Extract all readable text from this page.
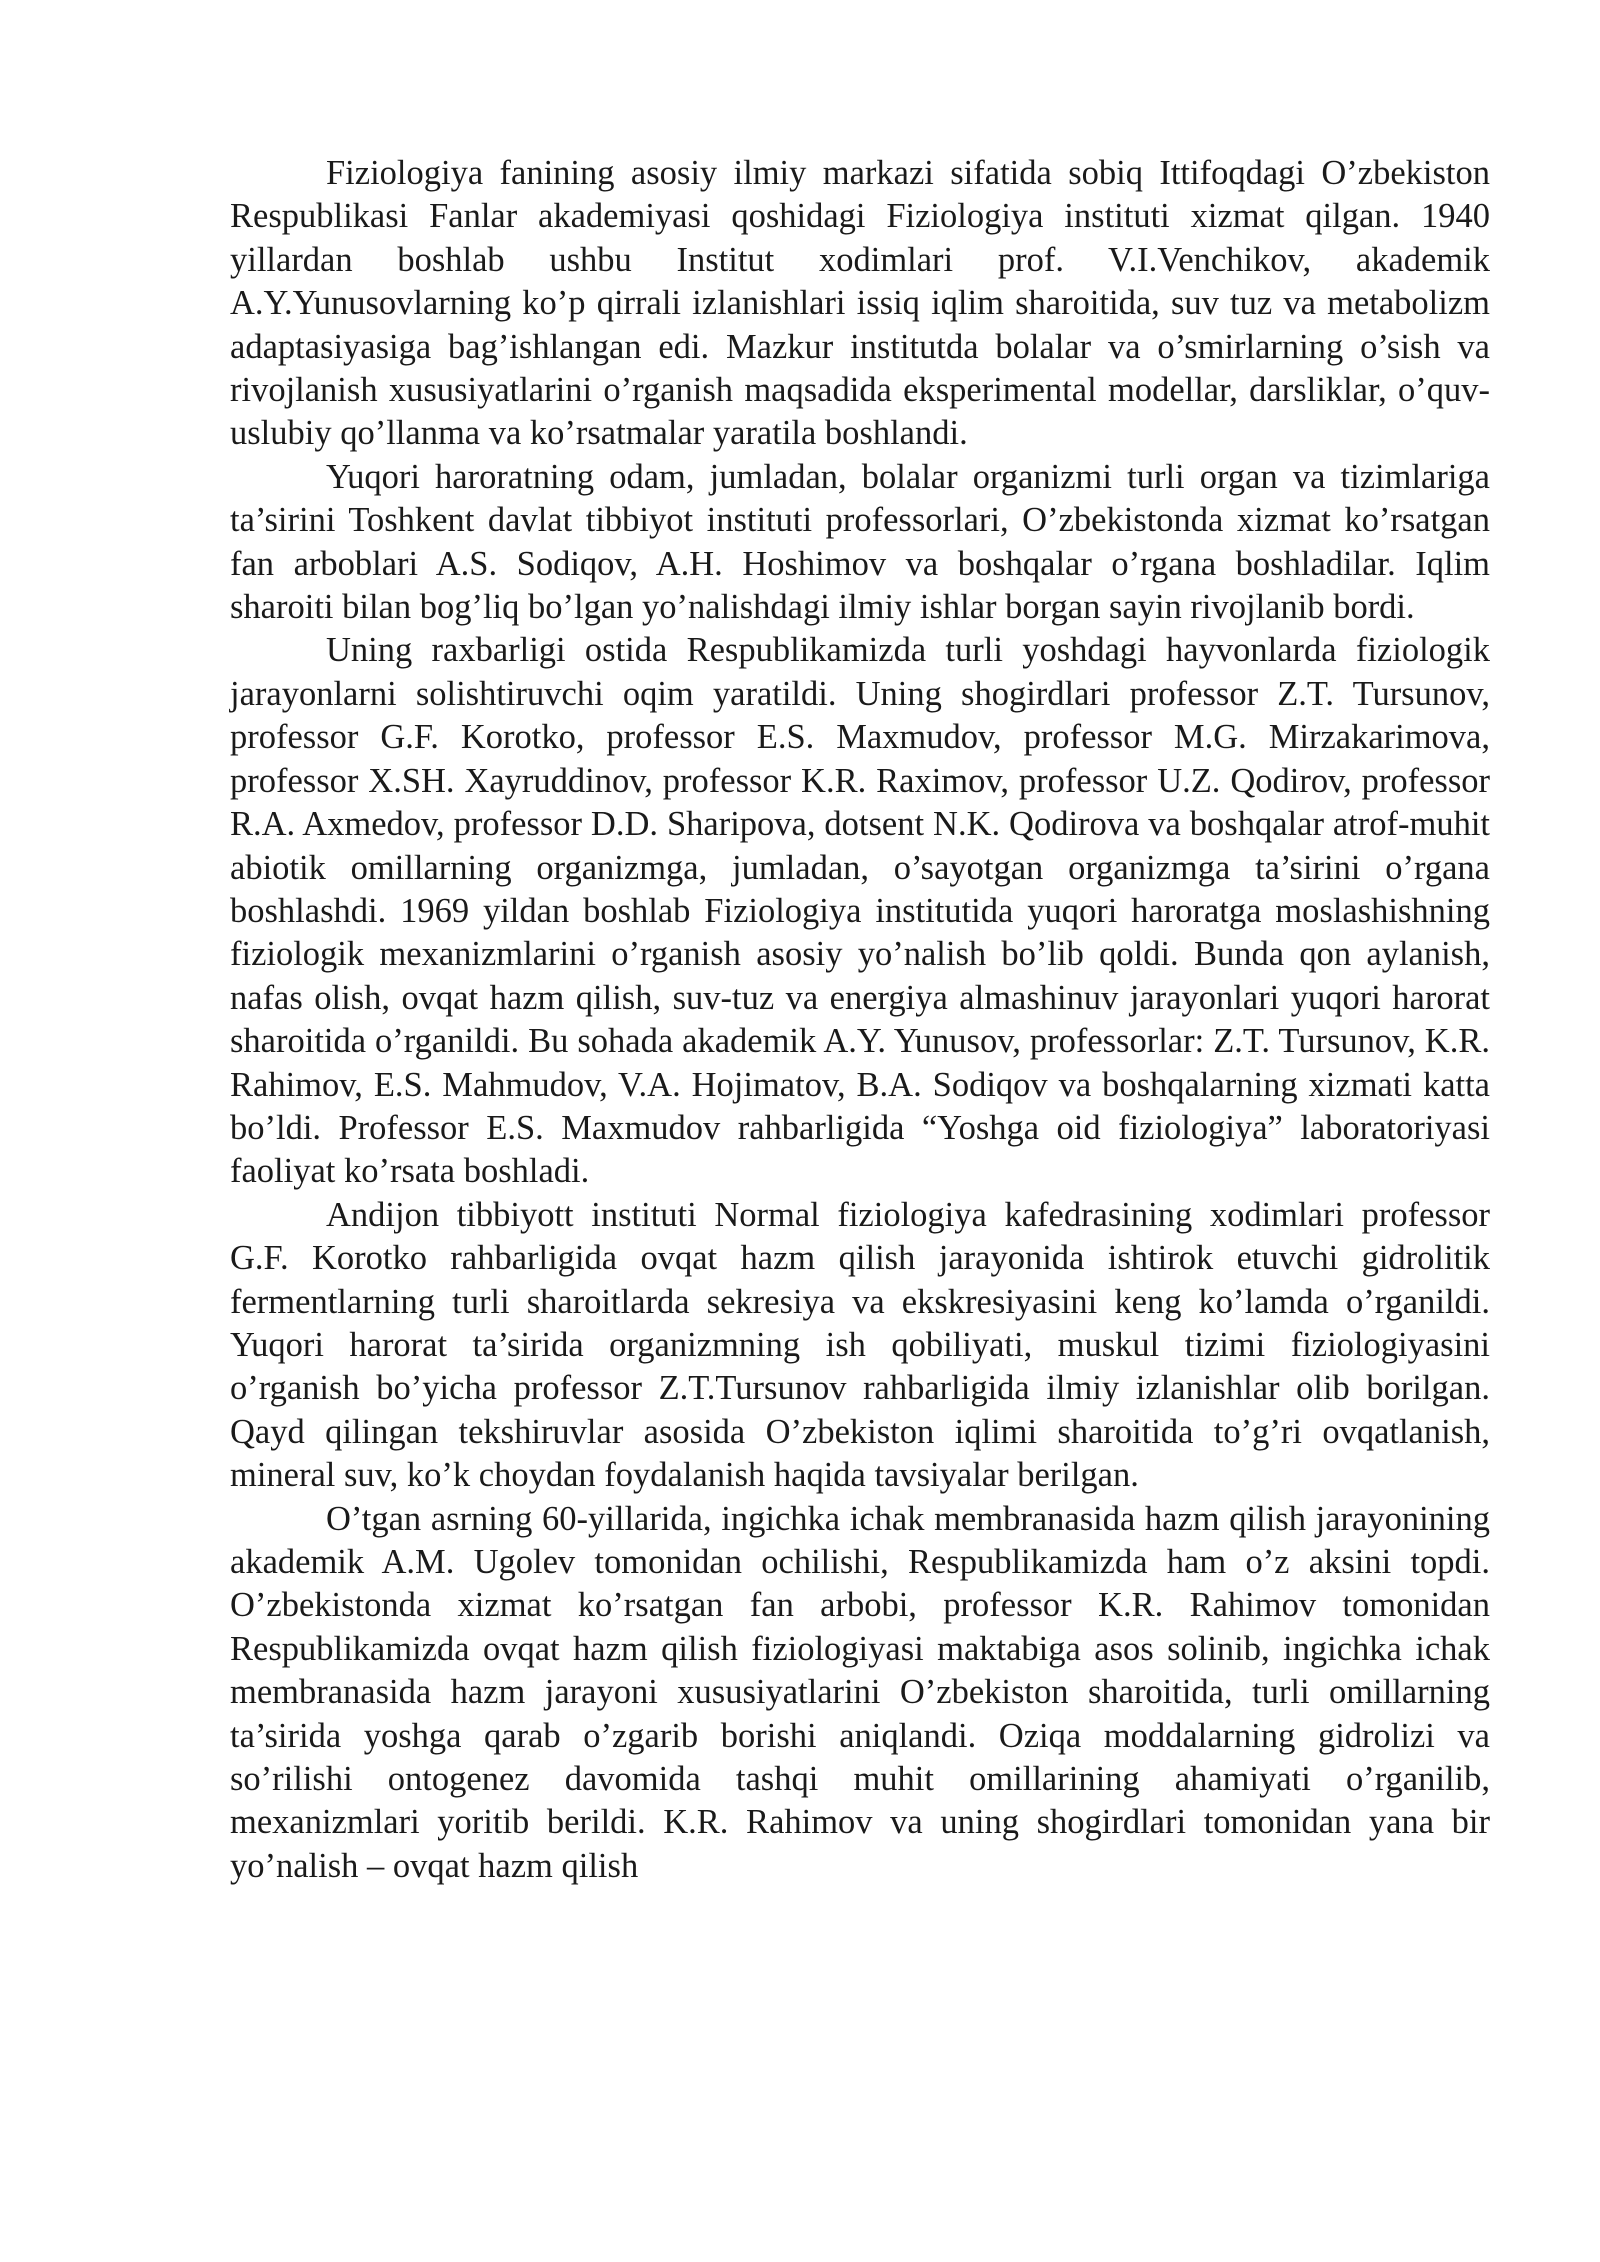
Fiziologiya fanining asosiy ilmiy markazi sifatida sobiq Ittifoqdagi O’zbekiston Respublikasi Fanlar akademiyasi qoshidagi Fiziologiya instituti xizmat qilgan. 1940 yillardan boshlab ushbu Institut xodimlari prof. V.I.Venchikov, akademik A.Y.Yunusovlarning ko’p qirrali izlanishlari issiq iqlim sharoitida, suv tuz va metabolizm adaptasiyasiga bag’ishlangan edi. Mazkur institutda bolalar va o’smirlarning o’sish va rivojlanish xususiyatlarini o’rganish maqsadida eksperimental modellar, darsliklar, o’quv-uslubiy qo’llanma va ko’rsatmalar yaratila boshlandi.

Yuqori haroratning odam, jumladan, bolalar organizmi turli organ va tizimlariga ta’sirini Toshkent davlat tibbiyot instituti professorlari, O’zbekistonda xizmat ko’rsatgan fan arboblari A.S. Sodiqov, A.H. Hoshimov va boshqalar o’rgana boshladilar. Iqlim sharoiti bilan bog’liq bo’lgan yo’nalishdagi ilmiy ishlar borgan sayin rivojlanib bordi.

Uning raxbarligi ostida Respublikamizda turli yoshdagi hayvonlarda fiziologik jarayonlarni solishtiruvchi oqim yaratildi. Uning shogirdlari professor Z.T. Tursunov, professor G.F. Korotko, professor E.S. Maxmudov, professor M.G. Mirzakarimova, professor X.SH. Xayruddinov, professor K.R. Raximov, professor U.Z. Qodirov, professor R.A. Axmedov, professor D.D. Sharipova, dotsent N.K. Qodirova va boshqalar atrof-muhit abiotik omillarning organizmga, jumladan, o’sayotgan organizmga ta’sirini o’rgana boshlashdi. 1969 yildan boshlab Fiziologiya institutida yuqori haroratga moslashishning fiziologik mexanizmlarini o’rganish asosiy yo’nalish bo’lib qoldi. Bunda qon aylanish, nafas olish, ovqat hazm qilish, suv-tuz va energiya almashinuv jarayonlari yuqori harorat sharoitida o’rganildi. Bu sohada akademik A.Y. Yunusov, professorlar: Z.T. Tursunov, K.R. Rahimov, E.S. Mahmudov, V.A. Hojimatov, B.A. Sodiqov va boshqalarning xizmati katta bo’ldi. Professor E.S. Maxmudov rahbarligida “Yoshga oid fiziologiya” laboratoriyasi faoliyat ko’rsata boshladi.

Andijon tibbiyott instituti Normal fiziologiya kafedrasining xodimlari professor G.F. Korotko rahbarligida ovqat hazm qilish jarayonida ishtirok etuvchi gidrolitik fermentlarning turli sharoitlarda sekresiya va ekskresiyasini keng ko’lamda o’rganildi. Yuqori harorat ta’sirida organizmning ish qobiliyati, muskul tizimi fiziologiyasini o’rganish bo’yicha professor Z.T.Tursunov rahbarligida ilmiy izlanishlar olib borilgan. Qayd qilingan tekshiruvlar asosida O’zbekiston iqlimi sharoitida to’g’ri ovqatlanish, mineral suv, ko’k choydan foydalanish haqida tavsiyalar berilgan.

O’tgan asrning 60-yillarida, ingichka ichak membranasida hazm qilish jarayonining akademik A.M. Ugolev tomonidan ochilishi, Respublikamizda ham o’z aksini topdi. O’zbekistonda xizmat ko’rsatgan fan arbobi, professor K.R. Rahimov tomonidan Respublikamizda ovqat hazm qilish fiziologiyasi maktabiga asos solinib, ingichka ichak membranasida hazm jarayoni xususiyatlarini O’zbekiston sharoitida, turli omillarning ta’sirida yoshga qarab o’zgarib borishi aniqlandi. Oziqa moddalarning gidrolizi va so’rilishi ontogenez davomida tashqi muhit omillarining ahamiyati o’rganilib, mexanizmlari yoritib berildi. K.R. Rahimov va uning shogirdlari tomonidan yana bir yo’nalish – ovqat hazm qilish
